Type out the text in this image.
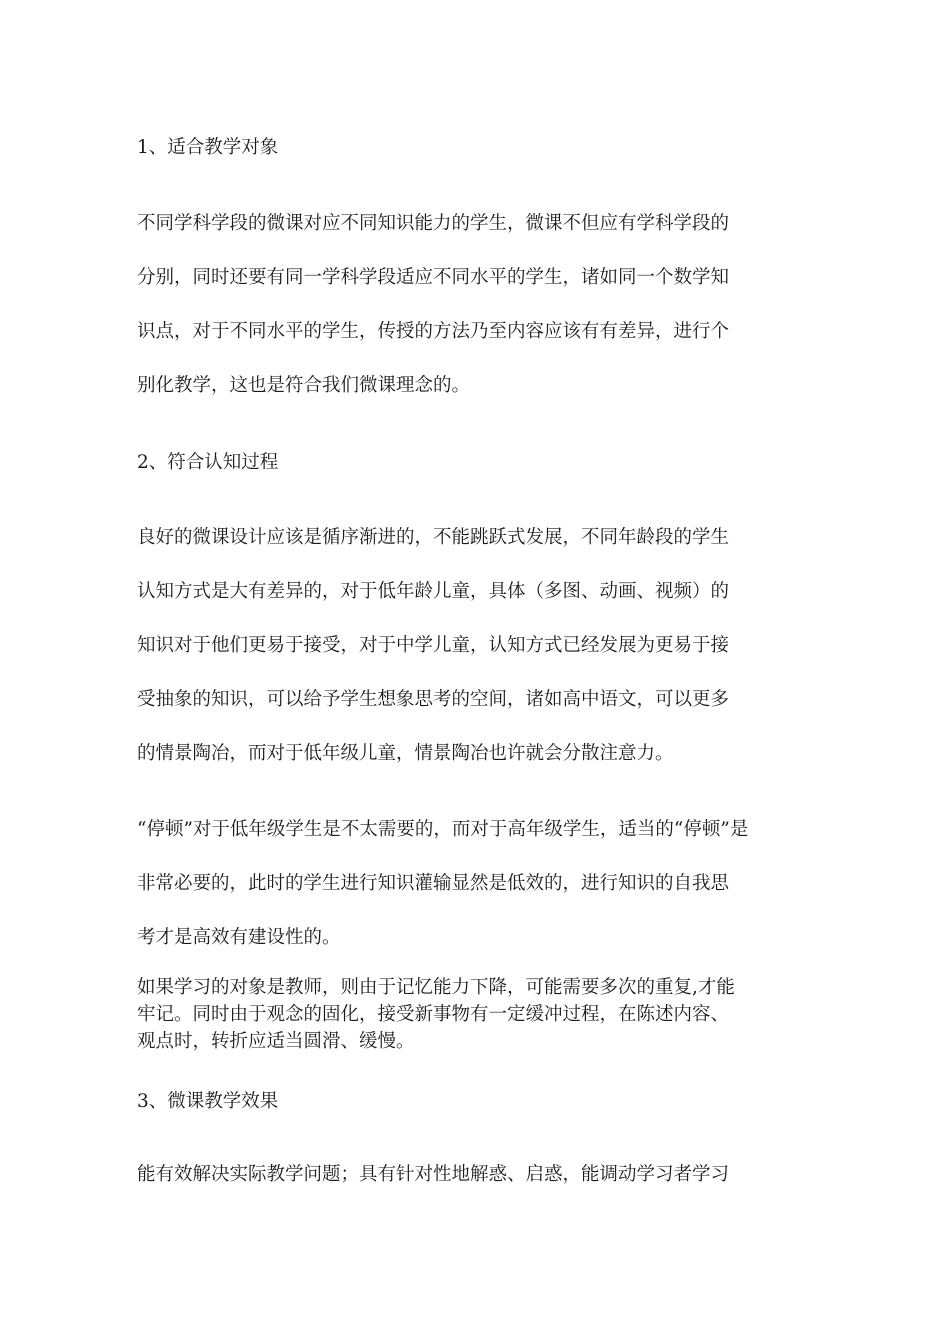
1、适合教学对象

不同学科学段的微课对应不同知识能力的学生，微课不但应有学科学段的
分别，同时还要有同一学科学段适应不同水平的学生，诸如同一个数学知
识点，对于不同水平的学生，传授的方法乃至内容应该有有差异，进行个
别化教学，这也是符合我们微课理念的。

2、符合认知过程

良好的微课设计应该是循序渐进的，不能跳跃式发展，不同年龄段的学生
认知方式是大有差异的，对于低年龄儿童，具体（多图、动画、视频）的
知识对于他们更易于接受，对于中学儿童，认知方式已经发展为更易于接
受抽象的知识，可以给予学生想象思考的空间，诸如高中语文，可以更多
的情景陶冶，而对于低年级儿童，情景陶冶也许就会分散注意力。

“停顿”对于低年级学生是不太需要的，而对于高年级学生，适当的“停顿”是
非常必要的，此时的学生进行知识灌输显然是低效的，进行知识的自我思
考才是高效有建设性的。

如果学习的对象是教师，则由于记忆能力下降，可能需要多次的重复,才能
牢记。同时由于观念的固化，接受新事物有一定缓冲过程，在陈述内容、
观点时，转折应适当圆滑、缓慢。

3、微课教学效果

能有效解决实际教学问题；具有针对性地解惑、启惑，能调动学习者学习
